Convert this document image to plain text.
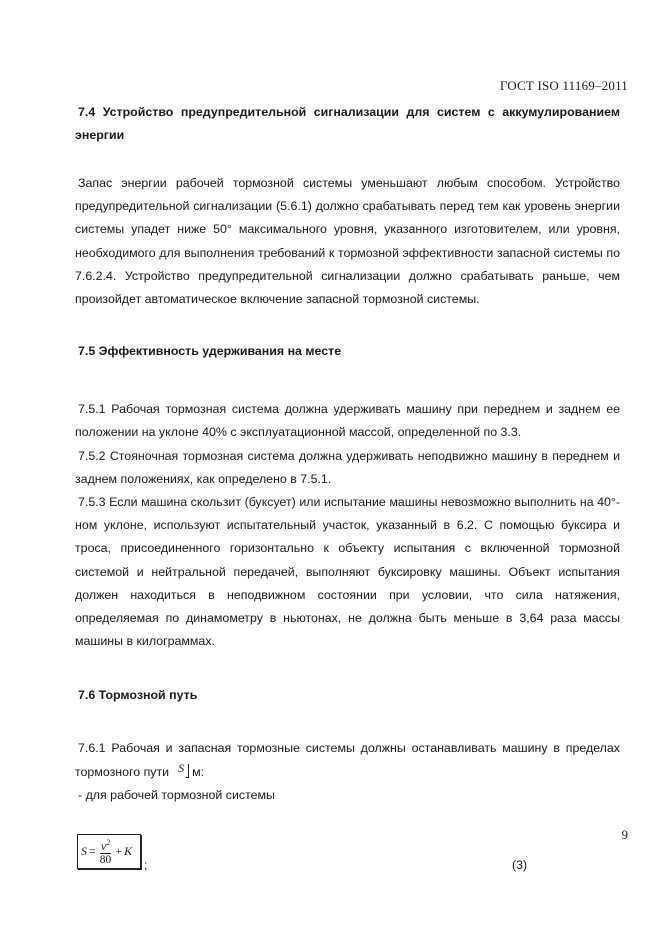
ГОСТ ISO 11169–2011

7.4 Устройство предупредительной сигнализации для систем с аккумулированием энергии

Запас энергии рабочей тормозной системы уменьшают любым способом. Устройство предупредительной сигнализации (5.6.1) должно срабатывать перед тем как уровень энергии системы упадет ниже 50° максимального уровня, указанного изготовителем, или уровня, необходимого для выполнения требований к тормозной эффективности запасной системы по 7.6.2.4. Устройство предупредительной сигнализации должно срабатывать раньше, чем произойдет автоматическое включение запасной тормозной системы.

7.5 Эффективность удерживания на месте

7.5.1 Рабочая тормозная система должна удерживать машину при переднем и заднем ее положении на уклоне 40% с эксплуатационной массой, определенной по 3.3.

7.5.2 Стояночная тормозная система должна удерживать неподвижно машину в переднем и заднем положениях, как определено в 7.5.1.

7.5.3 Если машина скользит (буксует) или испытание машины невозможно выполнить на 40°-ном уклоне, используют испытательный участок, указанный в 6.2. С помощью буксира и троса, присоединенного горизонтально к объекту испытания с включенной тормозной системой и нейтральной передачей, выполняют буксировку машины. Объект испытания должен находиться в неподвижном состоянии при условии, что сила натяжения, определяемая по динамометру в ньютонах, не должна быть меньше в 3,64 раза массы машины в килограммах.

7.6 Тормозной путь

7.6.1 Рабочая и запасная тормозные системы должны останавливать машину в пределах тормозного пути S м:

- для рабочей тормозной системы

$S = \frac{v^2}{80} + K$
;	(3)
9
